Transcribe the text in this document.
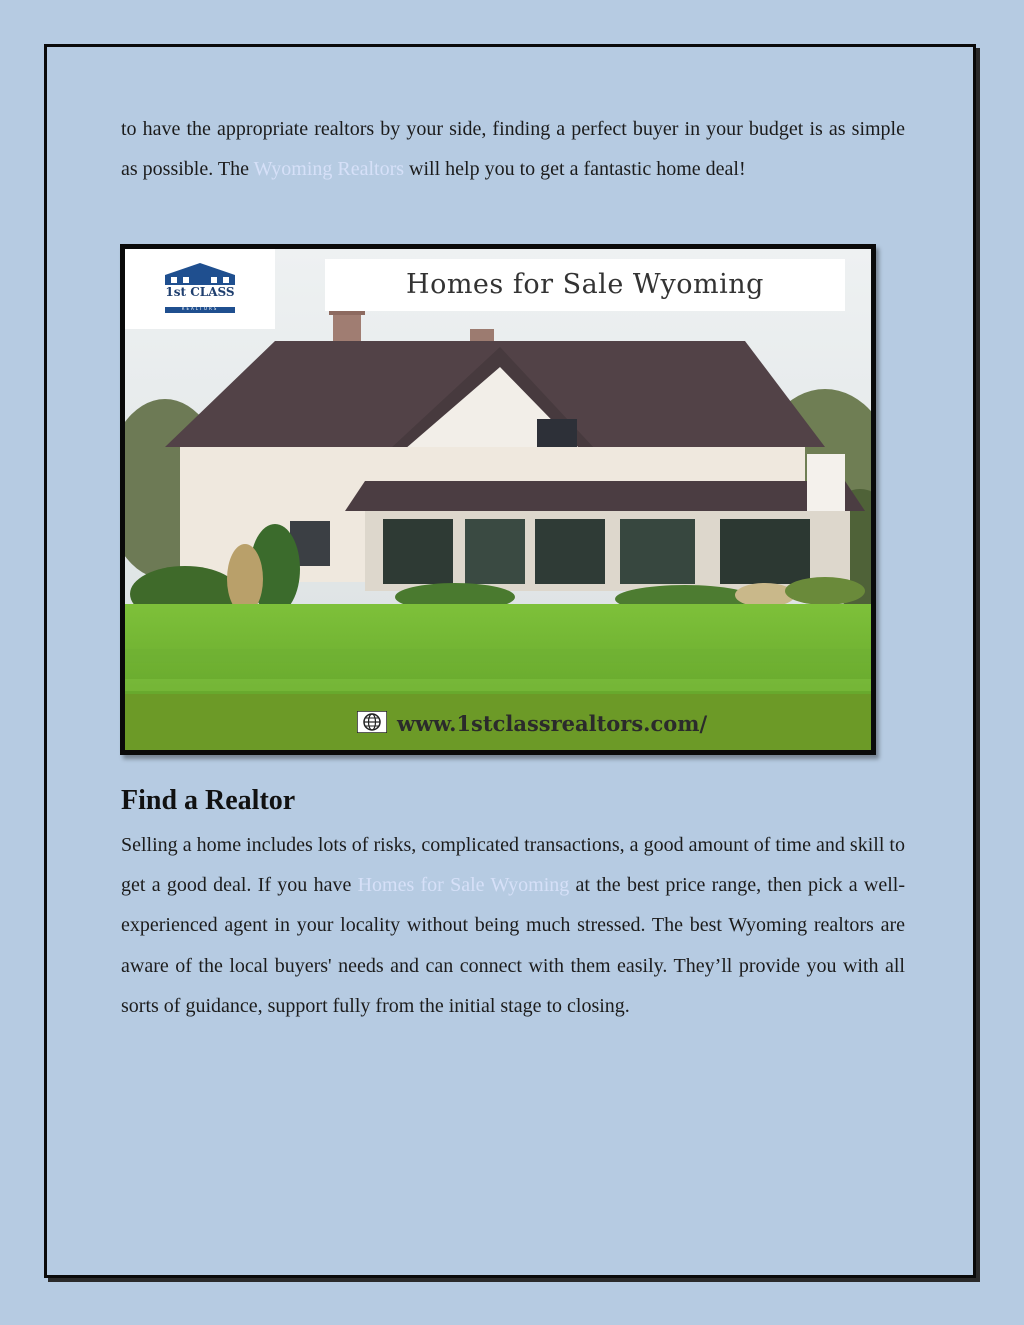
to have the appropriate realtors by your side, finding a perfect buyer in your budget is as simple as possible. The Wyoming Realtors will help you to get a fantastic home deal!

1st CLASS
REALTORS
Homes for Sale Wyoming
www.1stclassrealtors.com/
Find a Realtor

Selling a home includes lots of risks, complicated transactions, a good amount of time and skill to get a good deal. If you have Homes for Sale Wyoming at the best price range, then pick a well-experienced agent in your locality without being much stressed. The best Wyoming realtors are aware of the local buyers' needs and can connect with them easily. They’ll provide you with all sorts of guidance, support fully from the initial stage to closing.
